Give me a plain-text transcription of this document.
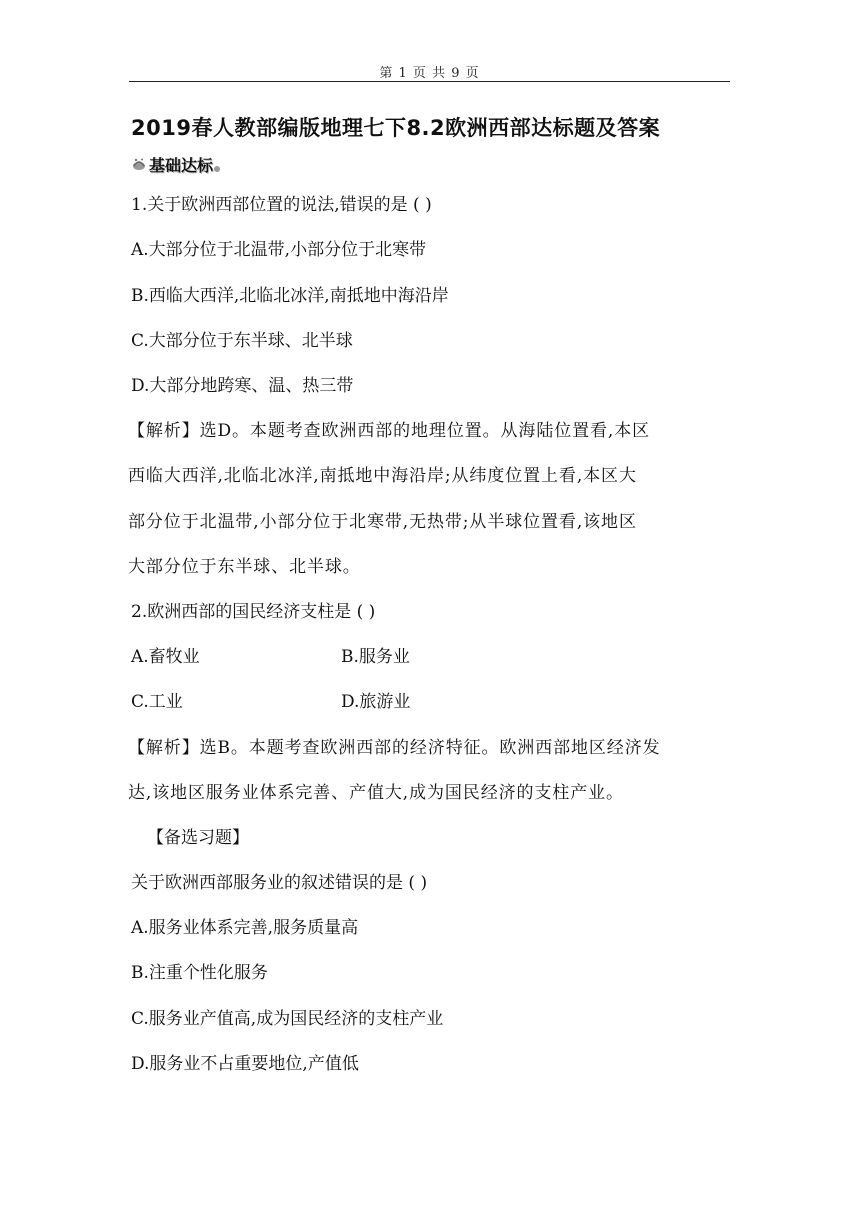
第 1 页 共 9 页
2019春人教部编版地理七下8.2欧洲西部达标题及答案
基础达标
1.关于欧洲西部位置的说法,错误的是 ( )
A.大部分位于北温带,小部分位于北寒带
B.西临大西洋,北临北冰洋,南抵地中海沿岸
C.大部分位于东半球、北半球
D.大部分地跨寒、温、热三带
【解析】选D。本题考查欧洲西部的地理位置。从海陆位置看,本区
西临大西洋,北临北冰洋,南抵地中海沿岸;从纬度位置上看,本区大
部分位于北温带,小部分位于北寒带,无热带;从半球位置看,该地区
大部分位于东半球、北半球。
2.欧洲西部的国民经济支柱是 ( )
A.畜牧业	B.服务业
C.工业	D.旅游业
【解析】选B。本题考查欧洲西部的经济特征。欧洲西部地区经济发
达,该地区服务业体系完善、产值大,成为国民经济的支柱产业。
【备选习题】
关于欧洲西部服务业的叙述错误的是 ( )
A.服务业体系完善,服务质量高
B.注重个性化服务
C.服务业产值高,成为国民经济的支柱产业
D.服务业不占重要地位,产值低
